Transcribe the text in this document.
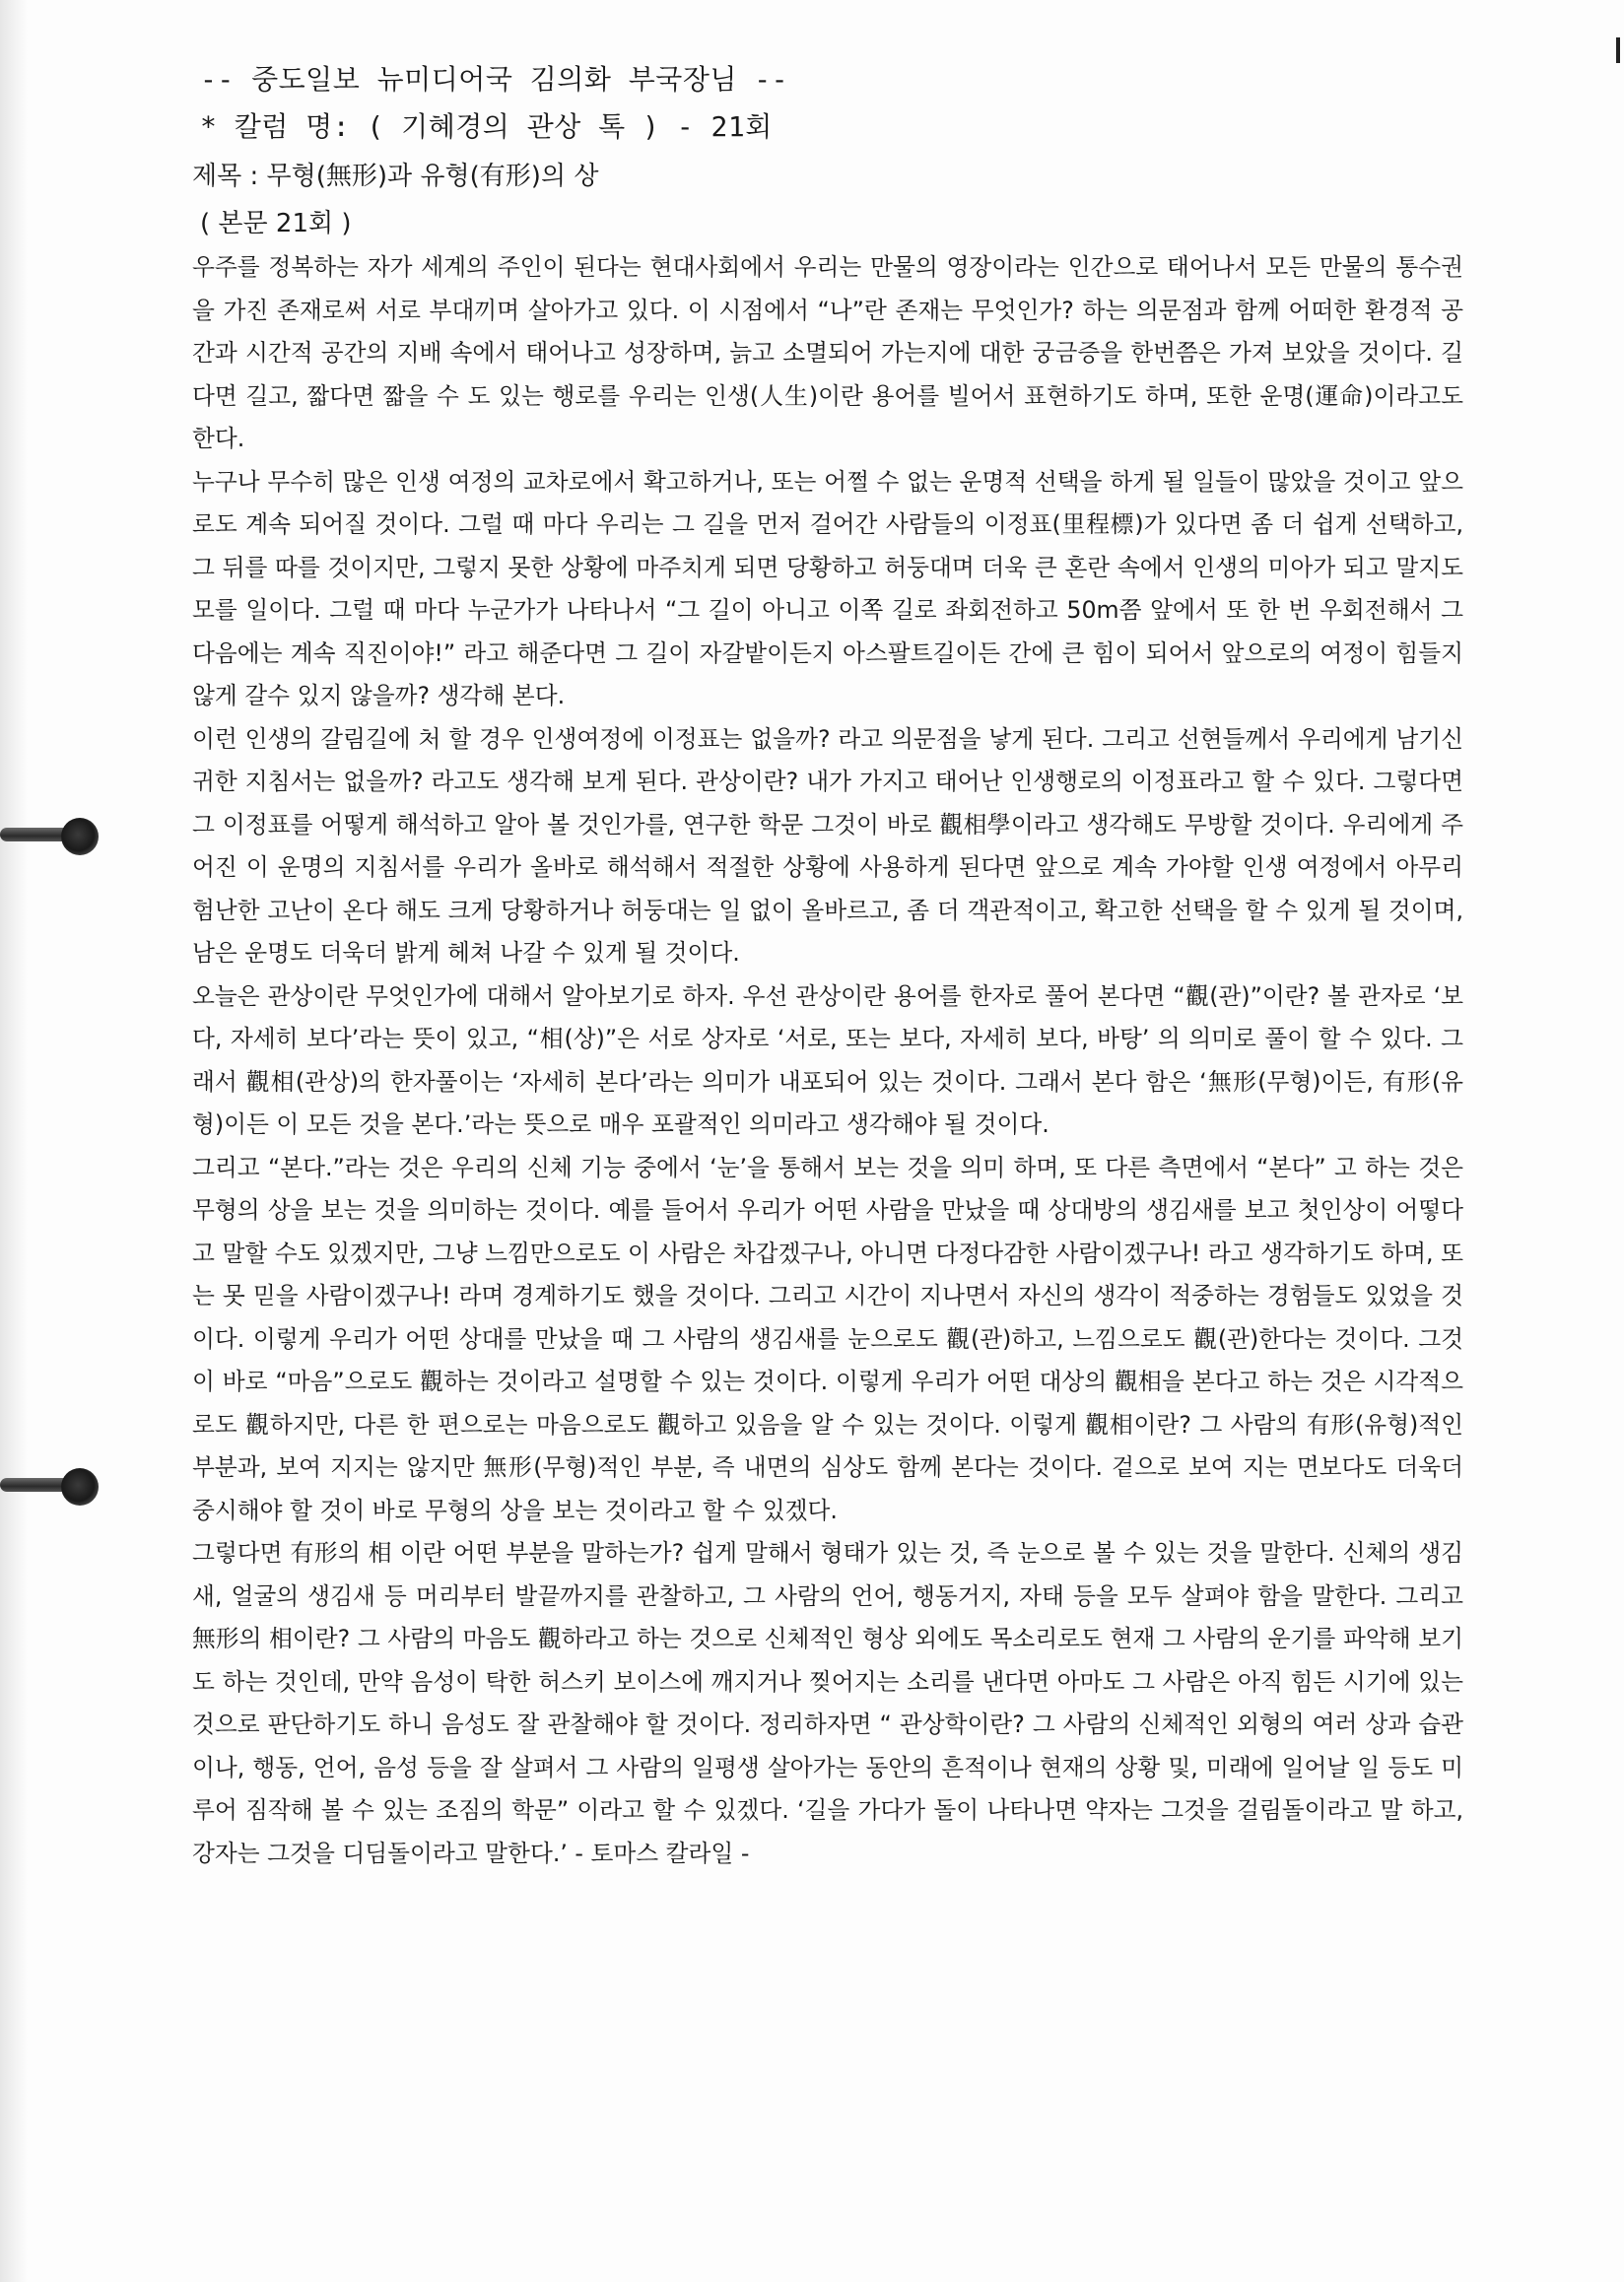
-- 중도일보 뉴미디어국 김의화 부국장님 --
* 칼럼 명: ( 기혜경의 관상 톡 ) - 21회
제목 : 무형(無形)과 유형(有形)의 상
( 본문 21회 )

우주를 정복하는 자가 세계의 주인이 된다는 현대사회에서 우리는 만물의 영장이라는 인간으로 태어나서 모든 만물의 통수권을 가진 존재로써 서로 부대끼며 살아가고 있다. 이 시점에서 “나”란 존재는 무엇인가? 하는 의문점과 함께 어떠한 환경적 공간과 시간적 공간의 지배 속에서 태어나고 성장하며, 늙고 소멸되어 가는지에 대한 궁금증을 한번쯤은 가져 보았을 것이다. 길 다면 길고, 짧다면 짧을 수 도 있는 행로를 우리는 인생(人生)이란 용어를 빌어서 표현하기도 하며, 또한 운명(運命)이라고도 한다.

누구나 무수히 많은 인생 여정의 교차로에서 확고하거나, 또는 어쩔 수 없는 운명적 선택을 하게 될 일들이 많았을 것이고 앞으로도 계속 되어질 것이다. 그럴 때 마다 우리는 그 길을 먼저 걸어간 사람들의 이정표(里程標)가 있다면 좀 더 쉽게 선택하고, 그 뒤를 따를 것이지만, 그렇지 못한 상황에 마주치게 되면 당황하고 허둥대며 더욱 큰 혼란 속에서 인생의 미아가 되고 말지도 모를 일이다. 그럴 때 마다 누군가가 나타나서 “그 길이 아니고 이쪽 길로 좌회전하고 50m쯤 앞에서 또 한 번 우회전해서 그 다음에는 계속 직진이야!” 라고 해준다면 그 길이 자갈밭이든지 아스팔트길이든 간에 큰 힘이 되어서 앞으로의 여정이 힘들지 않게 갈수 있지 않을까? 생각해 본다.

이런 인생의 갈림길에 처 할 경우 인생여정에 이정표는 없을까? 라고 의문점을 낳게 된다. 그리고 선현들께서 우리에게 남기신 귀한 지침서는 없을까? 라고도 생각해 보게 된다. 관상이란? 내가 가지고 태어난 인생행로의 이정표라고 할 수 있다. 그렇다면 그 이정표를 어떻게 해석하고 알아 볼 것인가를, 연구한 학문 그것이 바로 觀相學이라고 생각해도 무방할 것이다. 우리에게 주어진 이 운명의 지침서를 우리가 올바로 해석해서 적절한 상황에 사용하게 된다면 앞으로 계속 가야할 인생 여정에서 아무리 험난한 고난이 온다 해도 크게 당황하거나 허둥대는 일 없이 올바르고, 좀 더 객관적이고, 확고한 선택을 할 수 있게 될 것이며, 남은 운명도 더욱더 밝게 헤쳐 나갈 수 있게 될 것이다.

오늘은 관상이란 무엇인가에 대해서 알아보기로 하자. 우선 관상이란 용어를 한자로 풀어 본다면 “觀(관)”이란? 볼 관자로 ‘보다, 자세히 보다’라는 뜻이 있고, “相(상)”은 서로 상자로 ‘서로, 또는 보다, 자세히 보다, 바탕’ 의 의미로 풀이 할 수 있다. 그래서 觀相(관상)의 한자풀이는 ‘자세히 본다’라는 의미가 내포되어 있는 것이다. 그래서 본다 함은 ‘無形(무형)이든, 有形(유형)이든 이 모든 것을 본다.’라는 뜻으로 매우 포괄적인 의미라고 생각해야 될 것이다.

그리고 “본다.”라는 것은 우리의 신체 기능 중에서 ‘눈’을 통해서 보는 것을 의미 하며, 또 다른 측면에서 “본다” 고 하는 것은 무형의 상을 보는 것을 의미하는 것이다. 예를 들어서 우리가 어떤 사람을 만났을 때 상대방의 생김새를 보고 첫인상이 어떻다고 말할 수도 있겠지만, 그냥 느낌만으로도 이 사람은 차갑겠구나, 아니면 다정다감한 사람이겠구나! 라고 생각하기도 하며, 또는 못 믿을 사람이겠구나! 라며 경계하기도 했을 것이다. 그리고 시간이 지나면서 자신의 생각이 적중하는 경험들도 있었을 것이다. 이렇게 우리가 어떤 상대를 만났을 때 그 사람의 생김새를 눈으로도 觀(관)하고, 느낌으로도 觀(관)한다는 것이다. 그것이 바로 “마음”으로도 觀하는 것이라고 설명할 수 있는 것이다. 이렇게 우리가 어떤 대상의 觀相을 본다고 하는 것은 시각적으로도 觀하지만, 다른 한 편으로는 마음으로도 觀하고 있음을 알 수 있는 것이다. 이렇게 觀相이란? 그 사람의 有形(유형)적인 부분과, 보여 지지는 않지만 無形(무형)적인 부분, 즉 내면의 심상도 함께 본다는 것이다. 겉으로 보여 지는 면보다도 더욱더 중시해야 할 것이 바로 무형의 상을 보는 것이라고 할 수 있겠다.

그렇다면 有形의 相 이란 어떤 부분을 말하는가? 쉽게 말해서 형태가 있는 것, 즉 눈으로 볼 수 있는 것을 말한다. 신체의 생김새, 얼굴의 생김새 등 머리부터 발끝까지를 관찰하고, 그 사람의 언어, 행동거지, 자태 등을 모두 살펴야 함을 말한다. 그리고 無形의 相이란? 그 사람의 마음도 觀하라고 하는 것으로 신체적인 형상 외에도 목소리로도 현재 그 사람의 운기를 파악해 보기도 하는 것인데, 만약 음성이 탁한 허스키 보이스에 깨지거나 찢어지는 소리를 낸다면 아마도 그 사람은 아직 힘든 시기에 있는 것으로 판단하기도 하니 음성도 잘 관찰해야 할 것이다. 정리하자면 “ 관상학이란? 그 사람의 신체적인 외형의 여러 상과 습관이나, 행동, 언어, 음성 등을 잘 살펴서 그 사람의 일평생 살아가는 동안의 흔적이나 현재의 상황 및, 미래에 일어날 일 등도 미루어 짐작해 볼 수 있는 조짐의 학문” 이라고 할 수 있겠다. ‘길을 가다가 돌이 나타나면 약자는 그것을 걸림돌이라고 말 하고, 강자는 그것을 디딤돌이라고 말한다.’ - 토마스 칼라일 -
